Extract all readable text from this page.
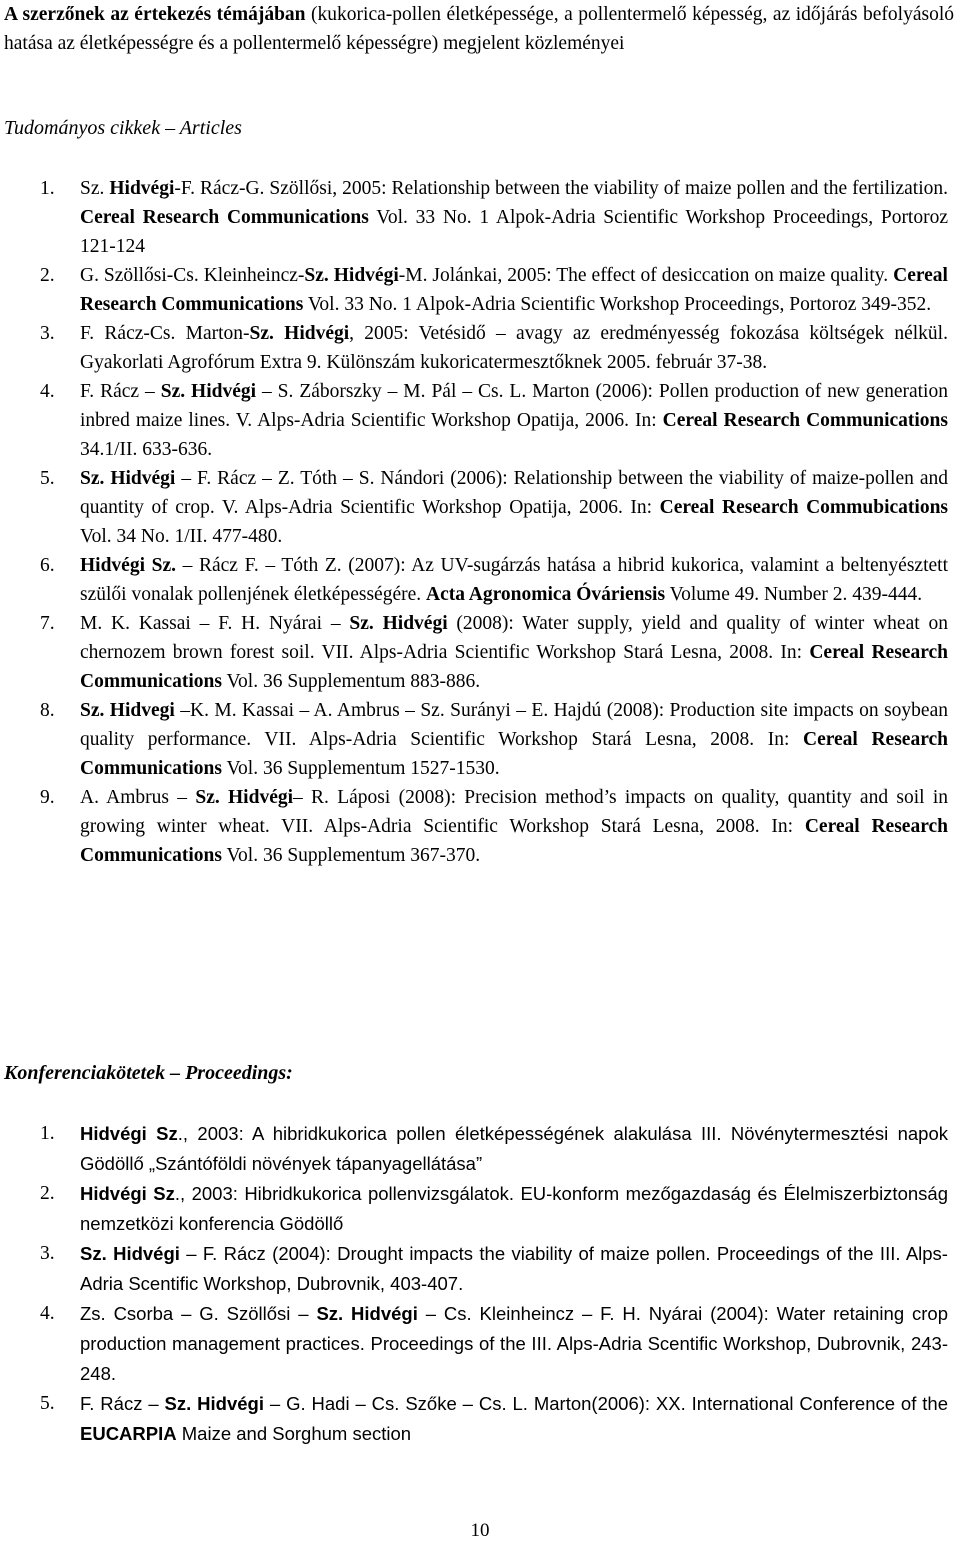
A szerzőnek az értekezés témájában (kukorica-pollen életképessége, a pollentermelő képesség, az időjárás befolyásoló hatása az életképességre és a pollentermelő képességre) megjelent közleményei
Tudományos cikkek – Articles
1. Sz. Hidvégi-F. Rácz-G. Szöllősi, 2005: Relationship between the viability of maize pollen and the fertilization. Cereal Research Communications Vol. 33 No. 1 Alpok-Adria Scientific Workshop Proceedings, Portoroz 121-124
2. G. Szöllősi-Cs. Kleinheincz-Sz. Hidvégi-M. Jolánkai, 2005: The effect of desiccation on maize quality. Cereal Research Communications Vol. 33 No. 1 Alpok-Adria Scientific Workshop Proceedings, Portoroz 349-352.
3. F. Rácz-Cs. Marton-Sz. Hidvégi, 2005: Vetésidő – avagy az eredményesség fokozása költségek nélkül. Gyakorlati Agrofórum Extra 9. Különszám kukoricatermesztőknek 2005. február 37-38.
4. F. Rácz – Sz. Hidvégi – S. Záborszky – M. Pál – Cs. L. Marton (2006): Pollen production of new generation inbred maize lines. V. Alps-Adria Scientific Workshop Opatija, 2006. In: Cereal Research Communications 34.1/II. 633-636.
5. Sz. Hidvégi – F. Rácz – Z. Tóth – S. Nándori (2006): Relationship between the viability of maize-pollen and quantity of crop. V. Alps-Adria Scientific Workshop Opatija, 2006. In: Cereal Research Commubications Vol. 34 No. 1/II. 477-480.
6. Hidvégi Sz. – Rácz F. – Tóth Z. (2007): Az UV-sugárzás hatása a hibrid kukorica, valamint a beltenyésztett szülői vonalak pollenjének életképességére. Acta Agronomica Óváriensis Volume 49. Number 2. 439-444.
7. M. K. Kassai – F. H. Nyárai – Sz. Hidvégi (2008): Water supply, yield and quality of winter wheat on chernozem brown forest soil. VII. Alps-Adria Scientific Workshop Stará Lesna, 2008. In: Cereal Research Communications Vol. 36 Supplementum 883-886.
8. Sz. Hidvegi –K. M. Kassai – A. Ambrus – Sz. Surányi – E. Hajdú (2008): Production site impacts on soybean quality performance. VII. Alps-Adria Scientific Workshop Stará Lesna, 2008. In: Cereal Research Communications Vol. 36 Supplementum 1527-1530.
9. A. Ambrus – Sz. Hidvégi– R. Láposi (2008): Precision method’s impacts on quality, quantity and soil in growing winter wheat. VII. Alps-Adria Scientific Workshop Stará Lesna, 2008. In: Cereal Research Communications Vol. 36 Supplementum 367-370.
Konferenciakötetek – Proceedings:
1. Hidvégi Sz., 2003: A hibridkukorica pollen életképességének alakulása III. Növénytermesztési napok Gödöllő „Szántóföldi növények tápanyagellátása”
2. Hidvégi Sz., 2003: Hibridkukorica pollenvizsgálatok. EU-konform mezőgazdaság és Élelmiszerbiztonság nemzetközi konferencia Gödöllő
3. Sz. Hidvégi – F. Rácz (2004): Drought impacts the viability of maize pollen. Proceedings of the III. Alps-Adria Scentific Workshop, Dubrovnik, 403-407.
4. Zs. Csorba – G. Szöllősi – Sz. Hidvégi – Cs. Kleinheincz – F. H. Nyárai (2004): Water retaining crop production management practices. Proceedings of the III. Alps-Adria Scentific Workshop, Dubrovnik, 243-248.
5. F. Rácz – Sz. Hidvégi – G. Hadi – Cs. Szőke – Cs. L. Marton(2006): XX. International Conference of the EUCARPIA Maize and Sorghum section
10
